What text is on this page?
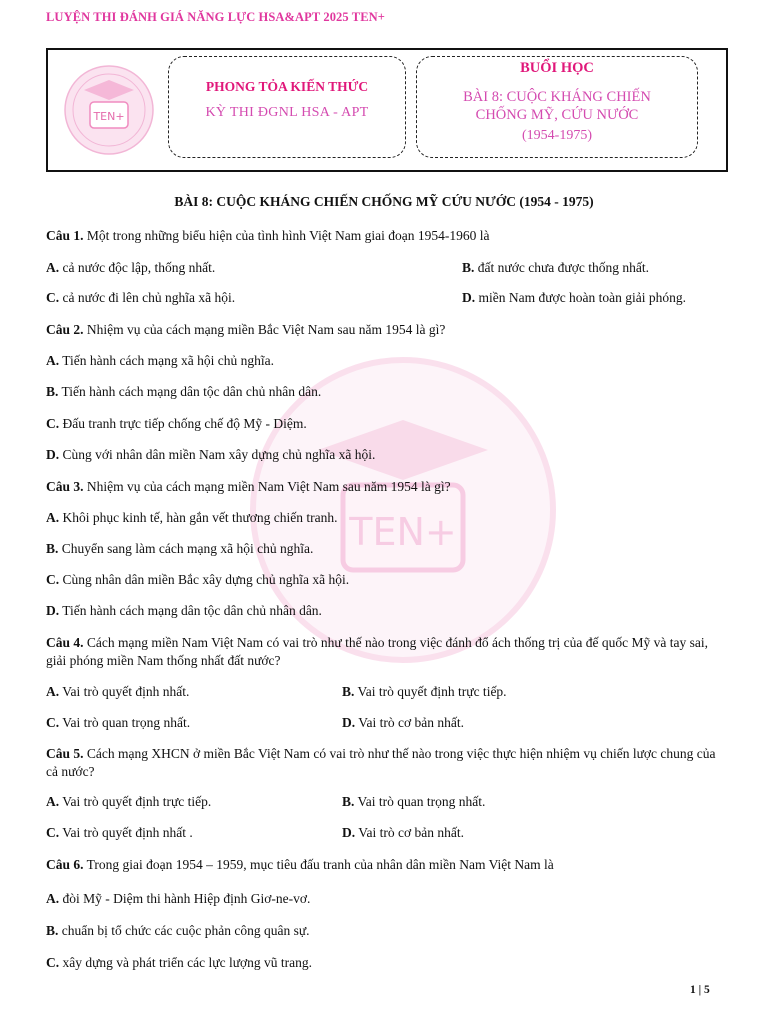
LUYỆN THI ĐÁNH GIÁ NĂNG LỰC HSA&APT 2025 TEN+
TEN+
PHONG TỎA KIẾN THỨC
KỲ THI ĐGNL HSA - APT
BUỔI HỌC
BÀI 8: CUỘC KHÁNG CHIẾN
CHỐNG MỸ, CỨU NƯỚC
(1954-1975)
TEN+
BÀI 8: CUỘC KHÁNG CHIẾN CHỐNG MỸ CỨU NƯỚC (1954 - 1975)
Câu 1. Một trong những biểu hiện của tình hình Việt Nam giai đoạn 1954-1960 là
A. cả nước độc lập, thống nhất.	B. đất nước chưa được thống nhất.
C. cả nước đi lên chủ nghĩa xã hội.	D. miền Nam được hoàn toàn giải phóng.
Câu 2. Nhiệm vụ của cách mạng miền Bắc Việt Nam sau năm 1954 là gì?
A. Tiến hành cách mạng xã hội chủ nghĩa.
B. Tiến hành cách mạng dân tộc dân chủ nhân dân.
C. Đấu tranh trực tiếp chống chế độ Mỹ - Diệm.
D. Cùng với nhân dân miền Nam xây dựng chủ nghĩa xã hội.
Câu 3. Nhiệm vụ của cách mạng miền Nam Việt Nam sau năm 1954 là gì?
A. Khôi phục kinh tế, hàn gắn vết thương chiến tranh.
B. Chuyển sang làm cách mạng xã hội chủ nghĩa.
C. Cùng nhân dân miền Bắc xây dựng chủ nghĩa xã hội.
D. Tiến hành cách mạng dân tộc dân chủ nhân dân.
Câu 4. Cách mạng miền Nam Việt Nam có vai trò như thế nào trong việc đánh đổ ách thống trị của đế quốc Mỹ và tay sai, giải phóng miền Nam thống nhất đất nước?
A. Vai trò quyết định nhất.	B. Vai trò quyết định trực tiếp.
C. Vai trò quan trọng nhất.	D. Vai trò cơ bản nhất.
Câu 5. Cách mạng XHCN ở miền Bắc Việt Nam có vai trò như thế nào trong việc thực hiện nhiệm vụ chiến lược chung của cả nước?
A. Vai trò quyết định trực tiếp.	B. Vai trò quan trọng nhất.
C. Vai trò quyết định nhất .	D. Vai trò cơ bản nhất.
Câu 6. Trong giai đoạn 1954 – 1959, mục tiêu đấu tranh của nhân dân miền Nam Việt Nam là
A. đòi Mỹ - Diệm thi hành Hiệp định Giơ-ne-vơ.
B. chuẩn bị tổ chức các cuộc phản công quân sự.
C. xây dựng và phát triển các lực lượng vũ trang.
1 | 5
